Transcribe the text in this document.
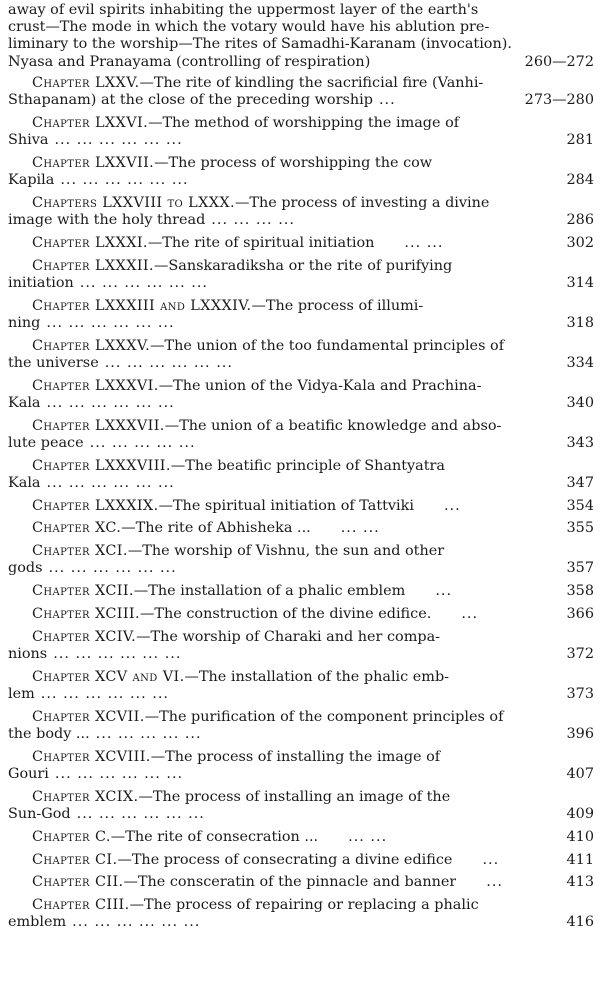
away of evil spirits inhabiting the uppermost layer of the earth's
crust—The mode in which the votary would have his ablution pre-
liminary to the worship—The rites of Samadhi-Karanam (invocation).
Nyasa and Pranayama (controlling of respiration)	260—272
Chapter LXXV.—The rite of kindling the sacrificial fire (Vanhi-
Sthapanam) at the close of the preceding worship ...	273—280
Chapter LXXVI.—The method of worshipping the image of
Shiva ... ... ... ... ... ...	281
Chapter LXXVII.—The process of worshipping the cow
Kapila ... ... ... ... ... ...	284
Chapters LXXVIII to LXXX.—The process of investing a divine
image with the holy thread ... ... ... ...	286
Chapter LXXXI.—The rite of spiritual initiation	... ...	302
Chapter LXXXII.—Sanskaradiksha or the rite of purifying
initiation ... ... ... ... ... ...	314
Chapter LXXXIII and LXXXIV.—The process of illumi-
ning ... ... ... ... ... ...	318
Chapter LXXXV.—The union of the too fundamental principles of
the universe ... ... ... ... ... ...	334
Chapter LXXXVI.—The union of the Vidya-Kala and Prachina-
Kala ... ... ... ... ... ...	340
Chapter LXXXVII.—The union of a beatific knowledge and abso-
lute peace ... ... ... ... ...	343
Chapter LXXXVIII.—The beatific principle of Shantyatra
Kala ... ... ... ... ... ...	347
Chapter LXXXIX.—The spiritual initiation of Tattviki	...	354
Chapter XC.—The rite of Abhisheka ...	... ...	355
Chapter XCI.—The worship of Vishnu, the sun and other
gods ... ... ... ... ... ...	357
Chapter XCII.—The installation of a phalic emblem	...	358
Chapter XCIII.—The construction of the divine edifice.	...	366
Chapter XCIV.—The worship of Charaki and her compa-
nions ... ... ... ... ... ...	372
Chapter XCV and VI.—The installation of the phalic emb-
lem ... ... ... ... ... ...	373
Chapter XCVII.—The purification of the component principles of
the body ... ... ... ... ... ...	396
Chapter XCVIII.—The process of installing the image of
Gouri ... ... ... ... ... ...	407
Chapter XCIX.—The process of installing an image of the
Sun-God ... ... ... ... ... ...	409
Chapter C.—The rite of consecration ...	... ...	410
Chapter CI.—The process of consecrating a divine edifice	...	411
Chapter CII.—The consceratin of the pinnacle and banner	...	413
Chapter CIII.—The process of repairing or replacing a phalic
emblem ... ... ... ... ... ...	416
